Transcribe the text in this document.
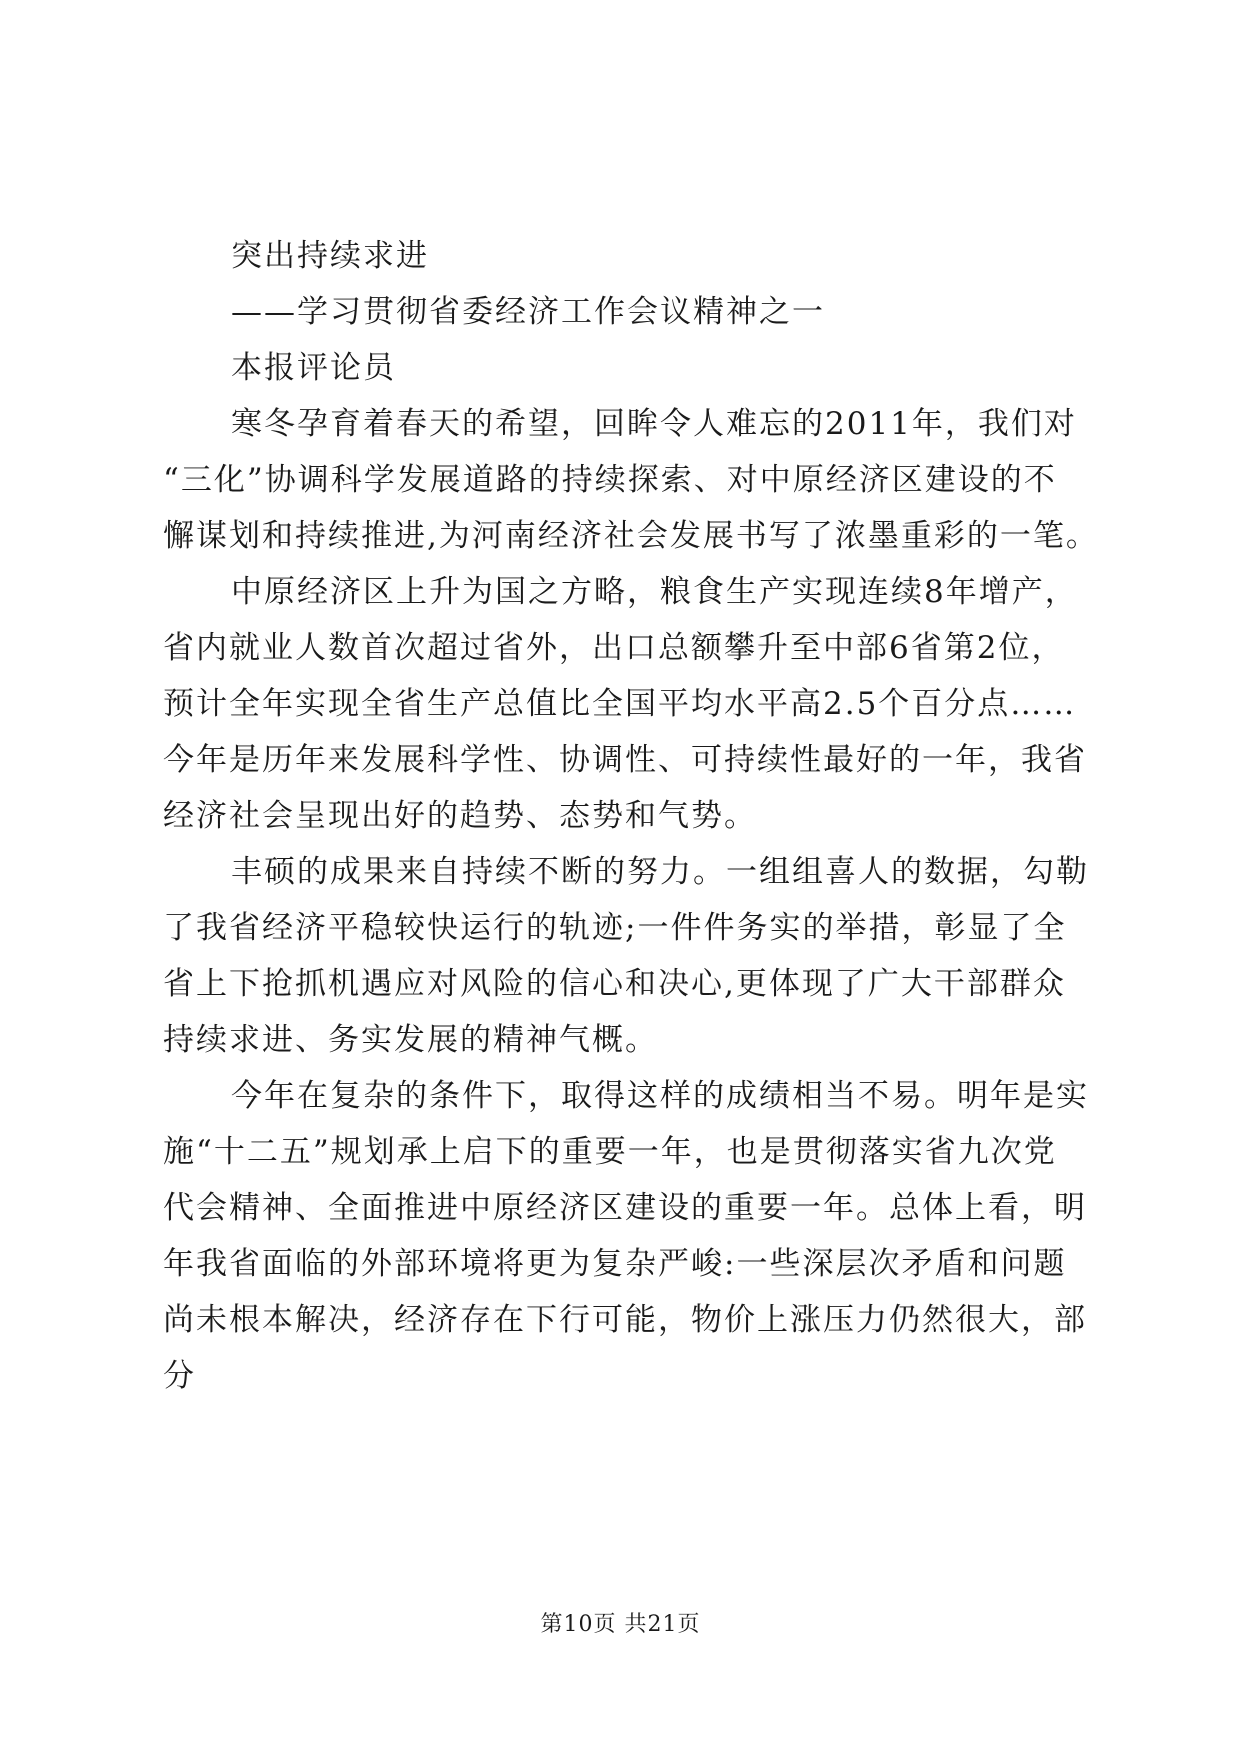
突出持续求进
——学习贯彻省委经济工作会议精神之一
本报评论员
寒冬孕育着春天的希望，回眸令人难忘的2011年，我们对
“三化”协调科学发展道路的持续探索、对中原经济区建设的不
懈谋划和持续推进,为河南经济社会发展书写了浓墨重彩的一笔。
中原经济区上升为国之方略，粮食生产实现连续8年增产，
省内就业人数首次超过省外，出口总额攀升至中部6省第2位，
预计全年实现全省生产总值比全国平均水平高2.5个百分点……
今年是历年来发展科学性、协调性、可持续性最好的一年，我省
经济社会呈现出好的趋势、态势和气势。
丰硕的成果来自持续不断的努力。一组组喜人的数据，勾勒
了我省经济平稳较快运行的轨迹;一件件务实的举措，彰显了全
省上下抢抓机遇应对风险的信心和决心,更体现了广大干部群众
持续求进、务实发展的精神气概。
今年在复杂的条件下，取得这样的成绩相当不易。明年是实
施“十二五”规划承上启下的重要一年，也是贯彻落实省九次党
代会精神、全面推进中原经济区建设的重要一年。总体上看，明
年我省面临的外部环境将更为复杂严峻:一些深层次矛盾和问题
尚未根本解决，经济存在下行可能，物价上涨压力仍然很大，部
分
第10页 共21页
